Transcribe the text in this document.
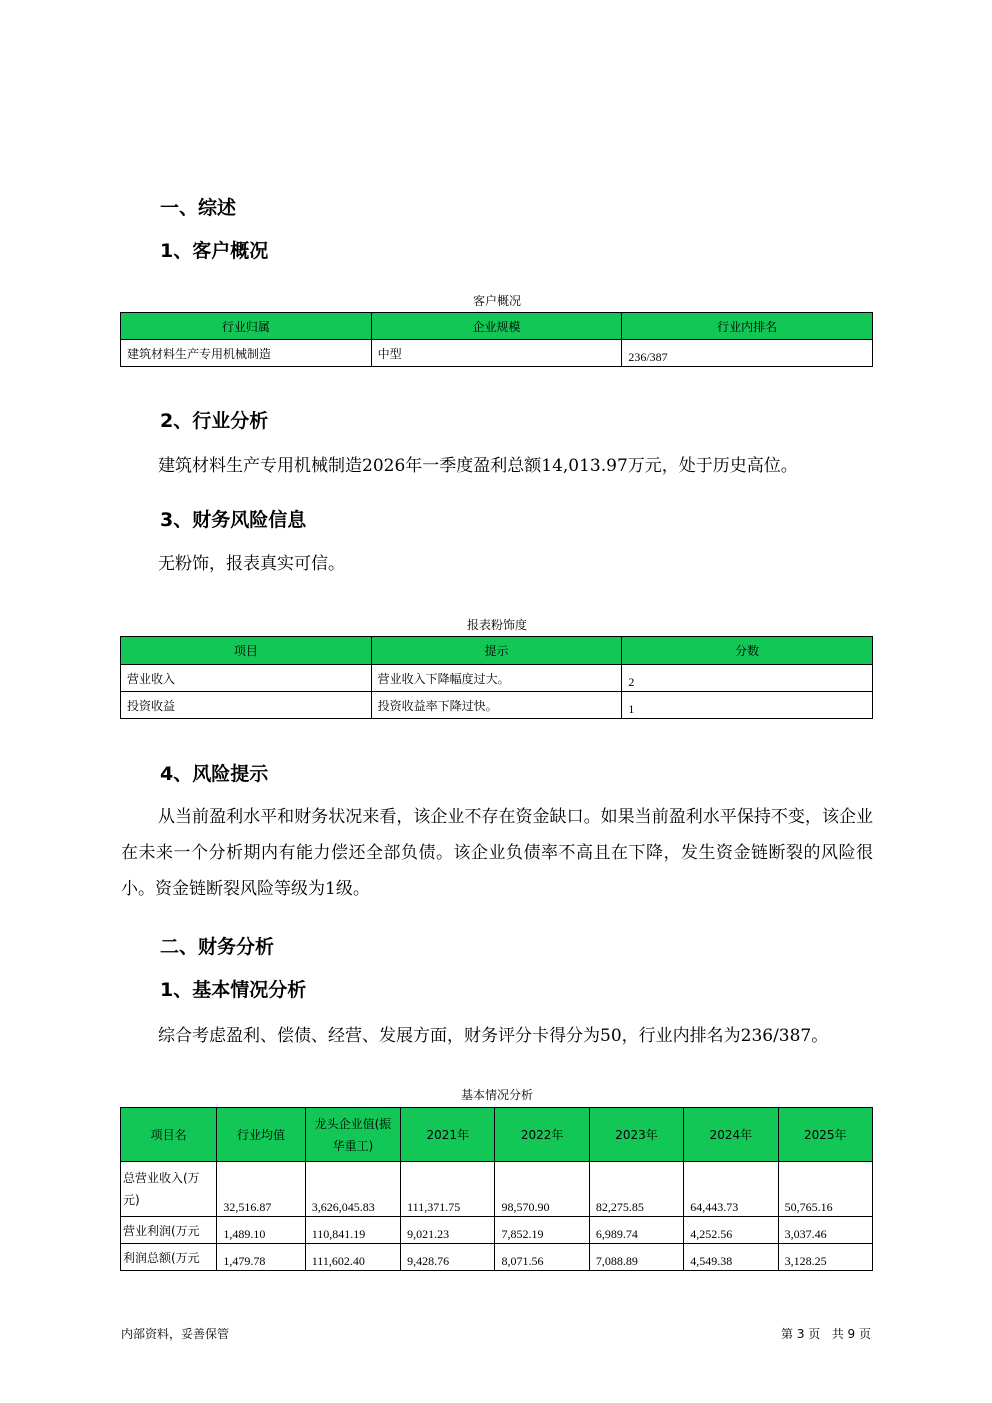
一、综述
1、客户概况
客户概况
行业归属	企业规模	行业内排名
建筑材料生产专用机械制造	中型	236/387
2、行业分析
建筑材料生产专用机械制造2026年一季度盈利总额14,013.97万元，处于历史高位。
3、财务风险信息
无粉饰，报表真实可信。
报表粉饰度
项目	提示	分数
营业收入	营业收入下降幅度过大。	2
投资收益	投资收益率下降过快。	1
4、风险提示
从当前盈利水平和财务状况来看，该企业不存在资金缺口。如果当前盈利水平保持不变，该企业在未来一个分析期内有能力偿还全部负债。该企业负债率不高且在下降，发生资金链断裂的风险很小。资金链断裂风险等级为1级。
二、财务分析
1、基本情况分析
综合考虑盈利、偿债、经营、发展方面，财务评分卡得分为50，行业内排名为236/387。
基本情况分析
项目名	行业均值	龙头企业值(振华重工)	2021年	2022年	2023年	2024年	2025年
总营业收入(万元)	32,516.87	3,626,045.83	111,371.75	98,570.90	82,275.85	64,443.73	50,765.16
营业利润(万元	1,489.10	110,841.19	9,021.23	7,852.19	6,989.74	4,252.56	3,037.46
利润总额(万元	1,479.78	111,602.40	9,428.76	8,071.56	7,088.89	4,549.38	3,128.25
内部资料，妥善保管	第 3 页   共 9 页
